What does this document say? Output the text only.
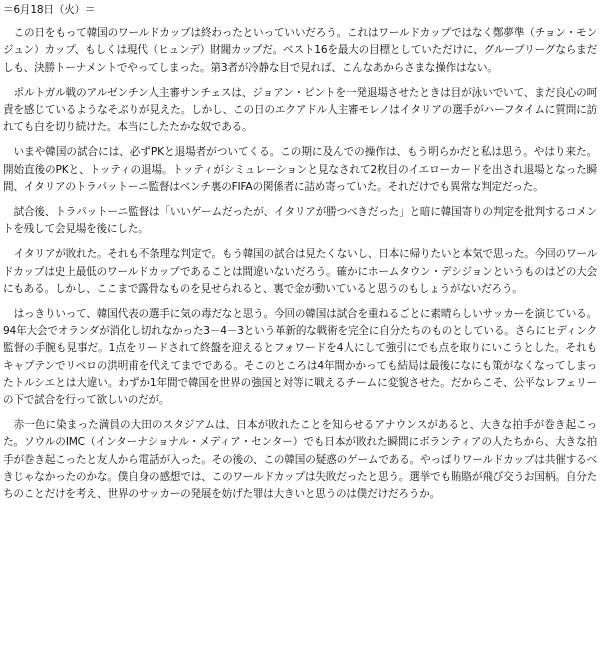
＝6月18日（火）＝

この日をもって韓国のワールドカップは終わったといっていいだろう。これはワールドカップではなく鄭夢準（チョン・モンジュン）カップ、もしくは現代（ヒュンデ）財閥カップだ。ベスト16を最大の目標としていただけに、グループリーグならまだしも、決勝トーナメントでやってしまった。第3者が冷静な目で見れば、こんなあからさまな操作はない。

ポルトガル戦のアルゼンチン人主審サンチェスは、ジョアン・ピントを一発退場させたときは目が泳いでいて、まだ良心の呵責を感じているようなそぶりが見えた。しかし、この日のエクアドル人主審モレノはイタリアの選手がハーフタイムに質問に訪れても白を切り続けた。本当にしたたかな奴である。

いまや韓国の試合には、必ずPKと退場者がついてくる。この期に及んでの操作は、もう明らかだと私は思う。やはり来た。開始直後のPKと、トッティの退場。トッティがシミュレーションと見なされて2枚目のイエローカードを出され退場となった瞬間、イタリアのトラパットーニ監督はベンチ裏のFIFAの関係者に詰め寄っていた。それだけでも異常な判定だった。

試合後、トラパットーニ監督は「いいゲームだったが、イタリアが勝つべきだった」と暗に韓国寄りの判定を批判するコメントを残して会見場を後にした。

イタリアが敗れた。それも不条理な判定で。もう韓国の試合は見たくないし、日本に帰りたいと本気で思った。今回のワールドカップは史上最低のワールドカップであることは間違いないだろう。確かにホームタウン・デシジョンというものはどの大会にもある。しかし、ここまで露骨なものを見せられると、裏で金が動いていると思うのもしょうがないだろう。

はっきりいって、韓国代表の選手に気の毒だなと思う。今回の韓国は試合を重ねるごとに素晴らしいサッカーを演じている。94年大会でオランダが消化し切れなかった3－4－3という革新的な戦術を完全に自分たちのものとしている。さらにヒディンク監督の手腕も見事だ。1点をリードされて終盤を迎えるとフォワードを4人にして強引にでも点を取りにいこうとした。それもキャプテンでリベロの洪明甫を代えてまでである。そこのところは4年間かかっても結局は最後になにも策がなくなってしまったトルシエとは大違い。わずか1年間で韓国を世界の強国と対等に戦えるチームに変貌させた。だからこそ、公平なレフェリーの下で試合を行って欲しいのだが。

赤一色に染まった満員の大田のスタジアムは、日本が敗れたことを知らせるアナウンスがあると、大きな拍手が巻き起こった。ソウルのIMC（インターナショナル・メディア・センター）でも日本が敗れた瞬間にボランティアの人たちから、大きな拍手が巻き起こったと友人から電話が入った。その後の、この韓国の疑惑のゲームである。やっぱりワールドカップは共催するべきじゃなかったのかな。僕自身の感想では、このワールドカップは失敗だったと思う。選挙でも賄賂が飛び交うお国柄。自分たちのことだけを考え、世界のサッカーの発展を妨げた罪は大きいと思うのは僕だけだろうか。
